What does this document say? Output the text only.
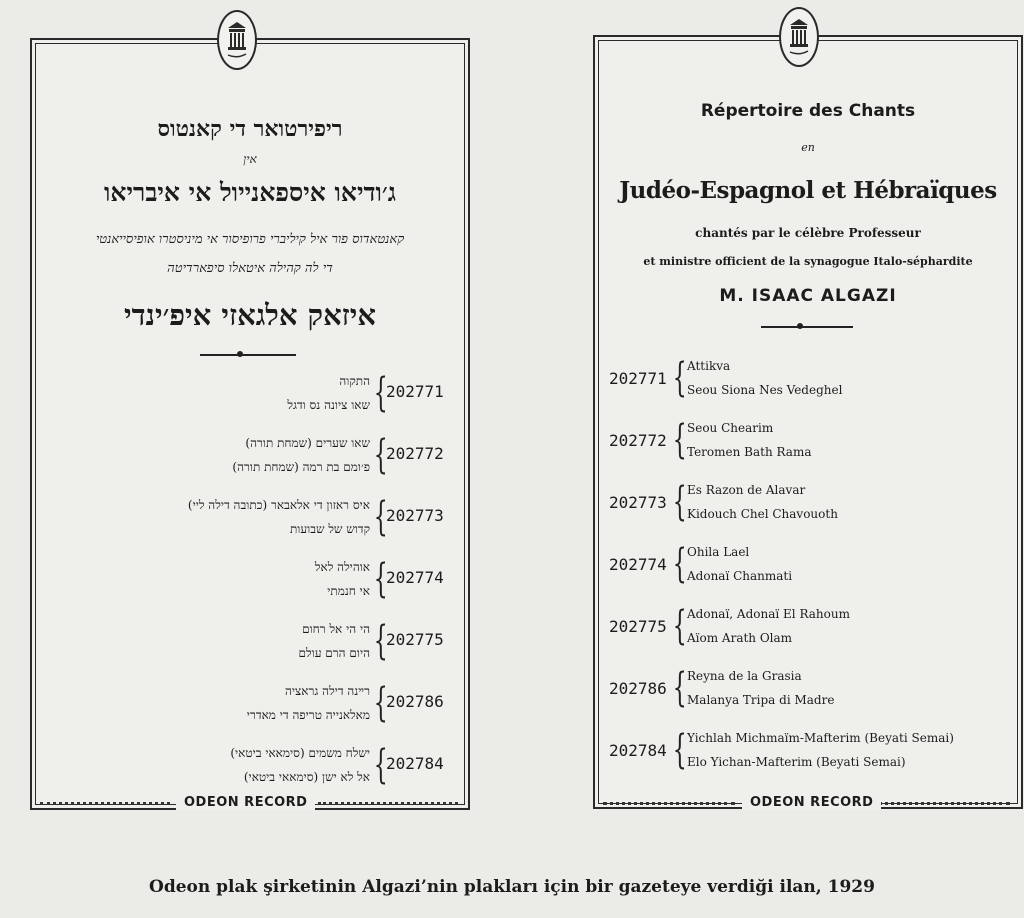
ריפירטואר די קאנטוס
אין
ג׳ודיאו איספאנייול אי איבריאו
קאנטאדוס פור איל קיליברי פרופיסור אי מיניסטרו אופיסייאנטי
די לה קהילה איטאלו סיפארדיטה
איזאק אלגאזי איפ׳ינדי
202771
{
התקוה
שאו ציונה נס ודגל
202772
{
שאו שערים (שמחת תורה)
פ׳ומם בת רמה (שמחת תורה)
202773
{
איס ראזון די אלאבאר (כתובה דילה ליי)
קדוש של שבועות
202774
{
אוהילה לאל
אי חנמתי
202775
{
הי הי אל רחום
היום הרם עולם
202786
{
רײנה דילה גראציה
מאלאנייה טריפה די מאדרי
202784
{
ישלח משמים (סימאאי ביטאי)
אל לא ישן (סימאאי ביטאי)
ODEON RECORD
Répertoire des Chants
en
Judéo-Espagnol et Hébraïques
chantés par le célèbre Professeur
et ministre officient de la synagogue Italo-séphardite
M. ISAAC ALGAZI
202771 { Attikva
Seou Siona Nes Vedeghel
202772 { Seou Chearim
Teromen Bath Rama
202773 { Es Razon de Alavar
Kidouch Chel Chavouoth
202774 { Ohila Lael
Adonaï Chanmati
202775 { Adonaï, Adonaï El Rahoum
Aïom Arath Olam
202786 { Reyna de la Grasia
Malanya Tripa di Madre
202784 { Yichlah Michmaïm-Mafterim (Beyati Semai)
Elo Yichan-Mafterim (Beyati Semai)
ODEON RECORD
Odeon plak şirketinin Algazi’nin plakları için bir gazeteye verdiği ilan, 1929
